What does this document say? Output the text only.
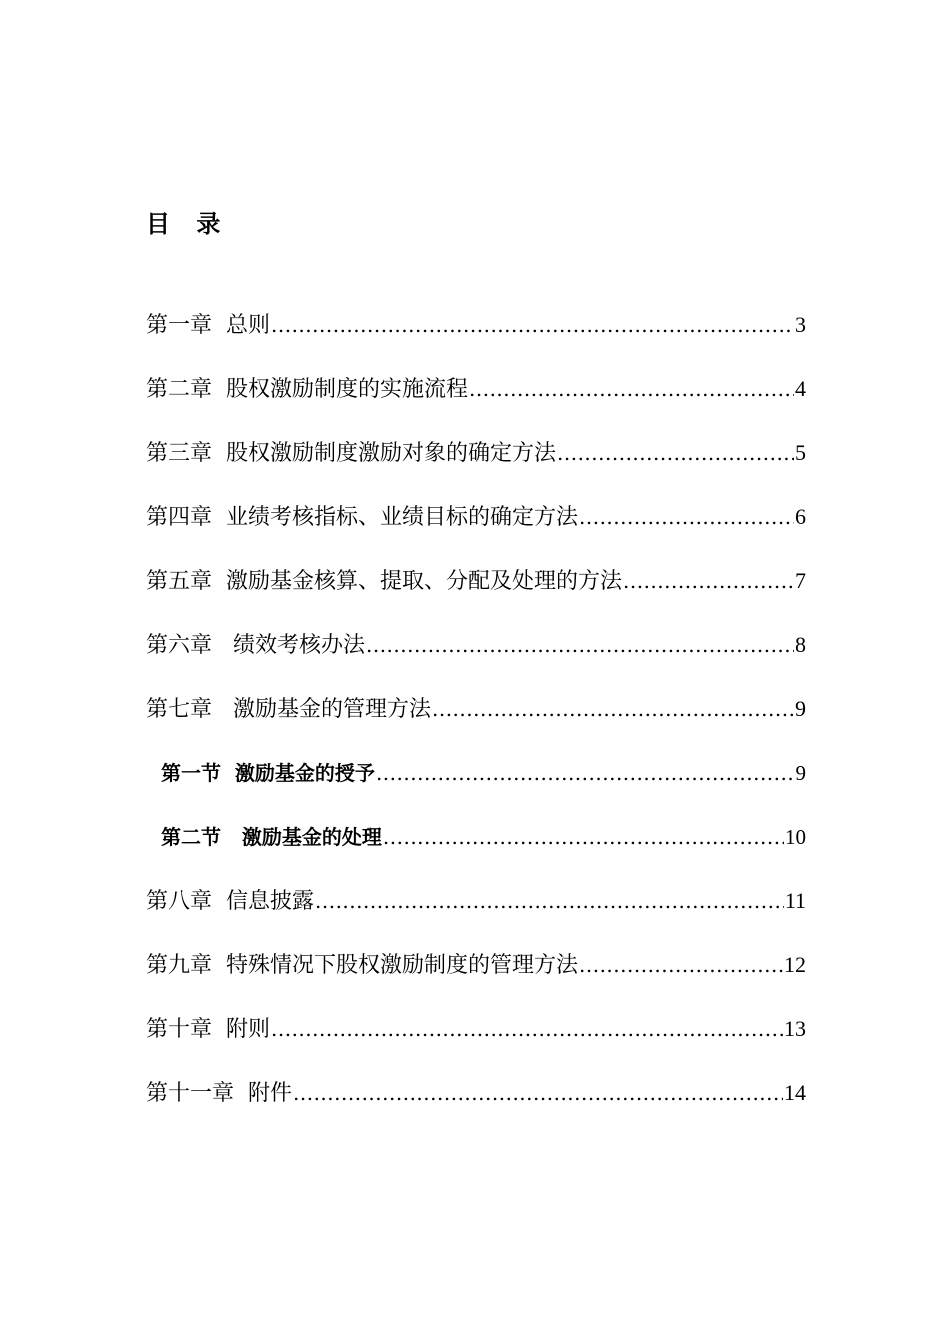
目 录
第一章  总则 .....	3
第二章  股权激励制度的实施流程 .....	4
第三章  股权激励制度激励对象的确定方法 .....	5
第四章  业绩考核指标、业绩目标的确定方法 .....	6
第五章  激励基金核算、提取、分配及处理的方法 .....	7
第六章   绩效考核办法 .....	8
第七章   激励基金的管理方法 .....	9
第一节  激励基金的授予 .....	9
第二节   激励基金的处理 .....	10
第八章  信息披露 .....	11
第九章  特殊情况下股权激励制度的管理方法 .....	12
第十章  附则 .....	13
第十一章  附件 .....	14
